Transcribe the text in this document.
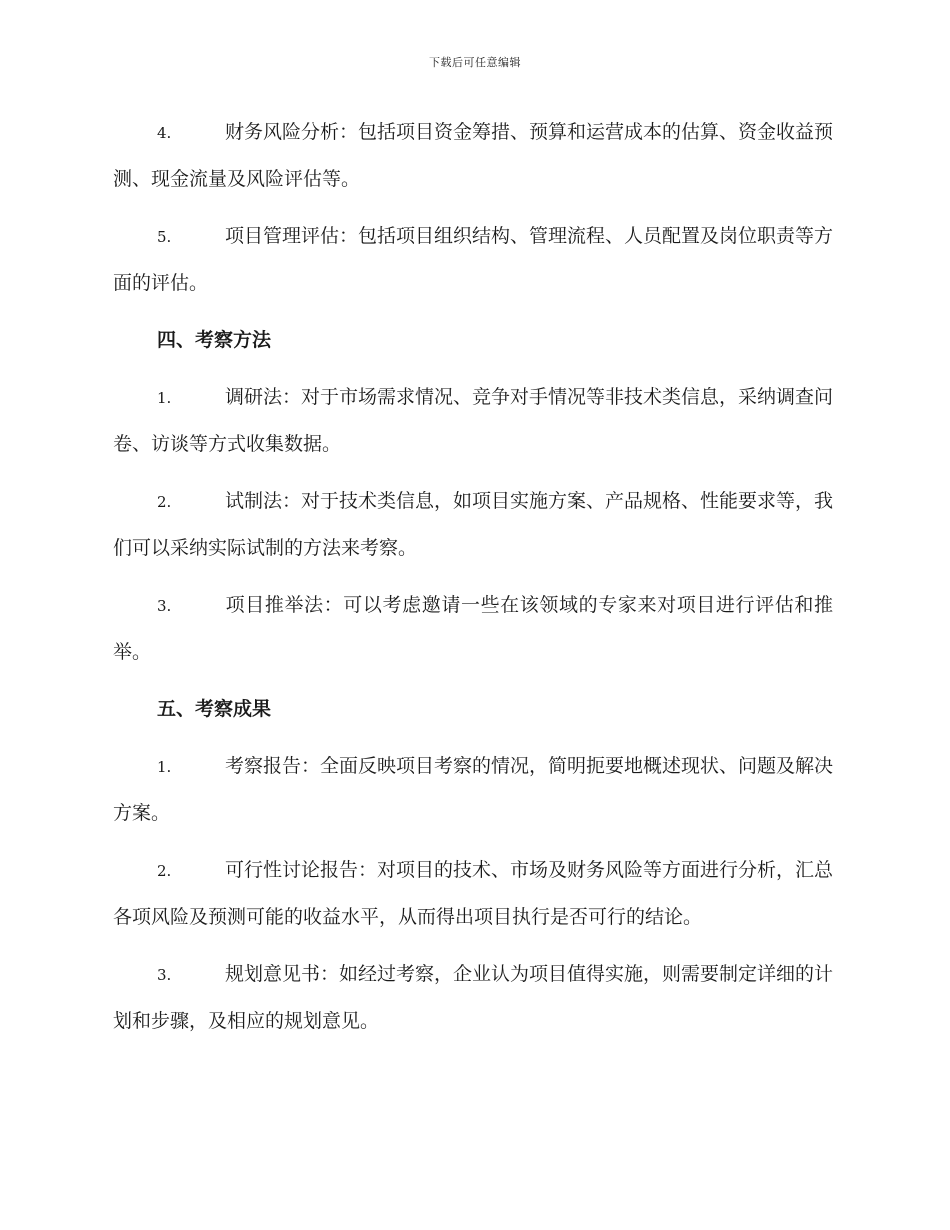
下载后可任意编辑

4.	财务风险分析：包括项目资金筹措、预算和运营成本的估算、资金收益预测、现金流量及风险评估等。

5.	项目管理评估：包括项目组织结构、管理流程、人员配置及岗位职责等方面的评估。

四、考察方法

1.	调研法：对于市场需求情况、竞争对手情况等非技术类信息，采纳调查问卷、访谈等方式收集数据。

2.	试制法：对于技术类信息，如项目实施方案、产品规格、性能要求等，我们可以采纳实际试制的方法来考察。

3.	项目推举法：可以考虑邀请一些在该领域的专家来对项目进行评估和推举。

五、考察成果

1.	考察报告：全面反映项目考察的情况，简明扼要地概述现状、问题及解决方案。

2.	可行性讨论报告：对项目的技术、市场及财务风险等方面进行分析，汇总各项风险及预测可能的收益水平，从而得出项目执行是否可行的结论。

3.	规划意见书：如经过考察，企业认为项目值得实施，则需要制定详细的计划和步骤，及相应的规划意见。
